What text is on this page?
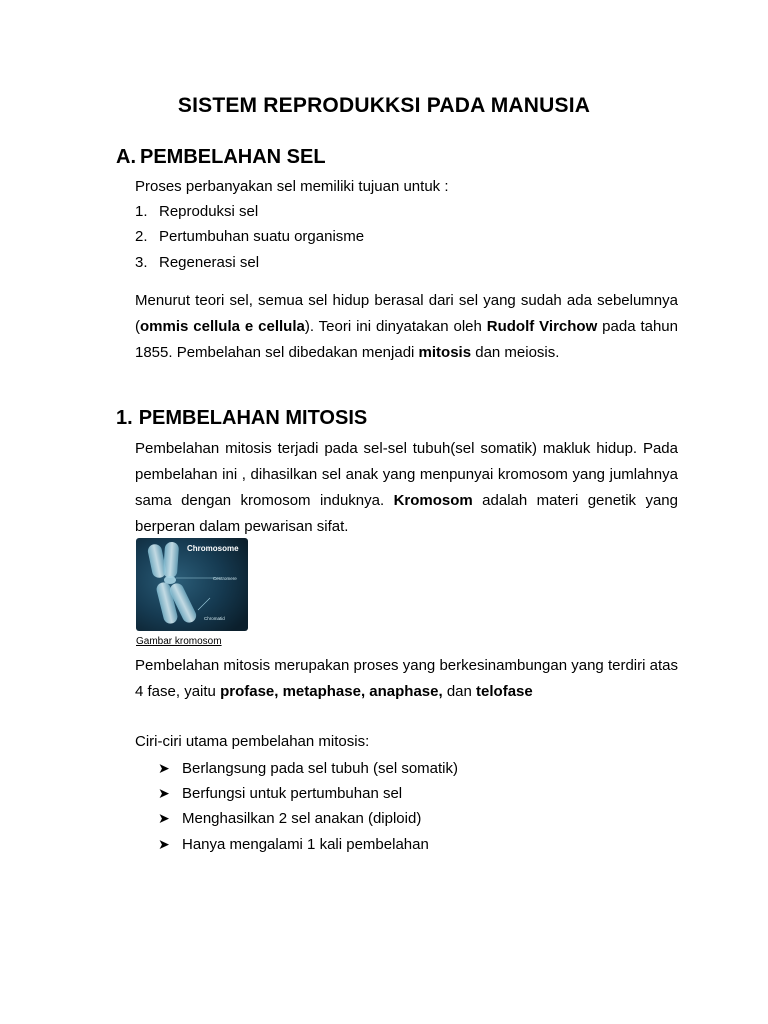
SISTEM REPRODUKKSI PADA MANUSIA
A. PEMBELAHAN SEL
Proses perbanyakan sel memiliki tujuan untuk :
1. Reproduksi sel
2. Pertumbuhan suatu organisme
3. Regenerasi sel
Menurut teori sel, semua sel hidup berasal dari sel yang sudah ada sebelumnya (ommis cellula e cellula). Teori ini dinyatakan oleh Rudolf Virchow pada tahun 1855. Pembelahan sel dibedakan menjadi mitosis dan meiosis.
1. PEMBELAHAN MITOSIS
Pembelahan mitosis terjadi pada sel-sel tubuh(sel somatik) makluk hidup. Pada pembelahan ini , dihasilkan sel anak yang menpunyai kromosom yang jumlahnya sama dengan kromosom induknya. Kromosom adalah materi genetik yang berperan dalam pewarisan sifat.
Chromosome
Centromere
Chromatid
Gambar kromosom
Pembelahan mitosis merupakan proses yang berkesinambungan yang terdiri atas 4 fase, yaitu profase, metaphase, anaphase, dan telofase
Ciri-ciri utama pembelahan mitosis:
➤ Berlangsung pada sel tubuh (sel somatik)
➤ Berfungsi untuk pertumbuhan sel
➤ Menghasilkan 2 sel anakan (diploid)
➤ Hanya mengalami 1 kali pembelahan
